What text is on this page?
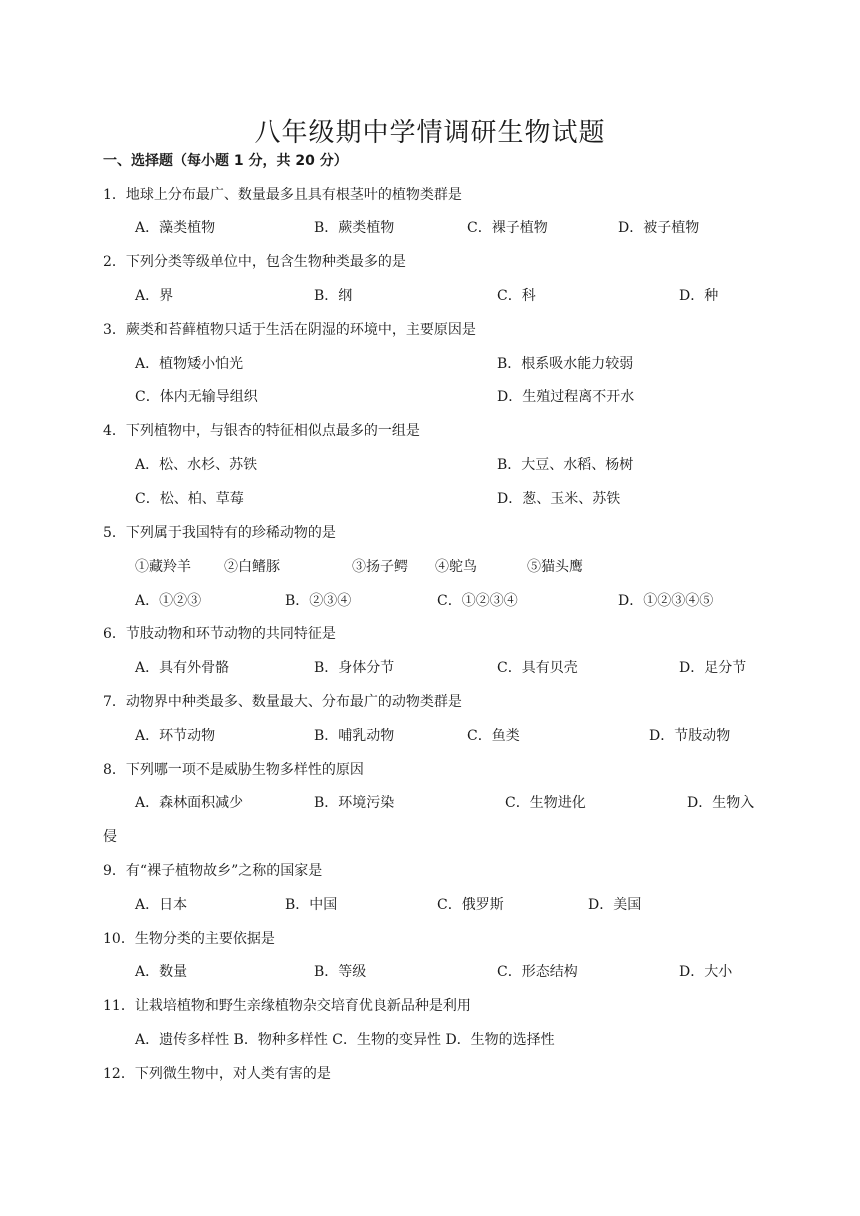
八年级期中学情调研生物试题
一、选择题（每小题 1 分，共 20 分）
1．地球上分布最广、数量最多且具有根茎叶的植物类群是
A．藻类植物	B．蕨类植物	C．裸子植物	D．被子植物
2．下列分类等级单位中，包含生物种类最多的是
A．界	B．纲	C．科	D．种
3．蕨类和苔藓植物只适于生活在阴湿的环境中，主要原因是
A．植物矮小怕光	B．根系吸水能力较弱
C．体内无输导组织	D．生殖过程离不开水
4．下列植物中，与银杏的特征相似点最多的一组是
A．松、水杉、苏铁	B．大豆、水稻、杨树
C．松、柏、草莓	D．葱、玉米、苏铁
5．下列属于我国特有的珍稀动物的是
①藏羚羊 ②白鳍豚	③扬子鳄 ④鸵鸟	⑤猫头鹰
A．①②③	B．②③④	C．①②③④	D．①②③④⑤
6．节肢动物和环节动物的共同特征是
A．具有外骨骼	B．身体分节	C．具有贝壳	D．足分节
7．动物界中种类最多、数量最大、分布最广的动物类群是
A．环节动物	B．哺乳动物	C．鱼类	D．节肢动物
8．下列哪一项不是威胁生物多样性的原因
A．森林面积减少	B．环境污染	C．生物进化	D．生物入
侵
9．有“裸子植物故乡”之称的国家是
A．日本	B．中国	C．俄罗斯	D．美国
10．生物分类的主要依据是
A．数量	B．等级	C．形态结构	D．大小
11．让栽培植物和野生亲缘植物杂交培育优良新品种是利用
A．遗传多样性 B．物种多样性 C．生物的变异性 D．生物的选择性
12．下列微生物中，对人类有害的是
